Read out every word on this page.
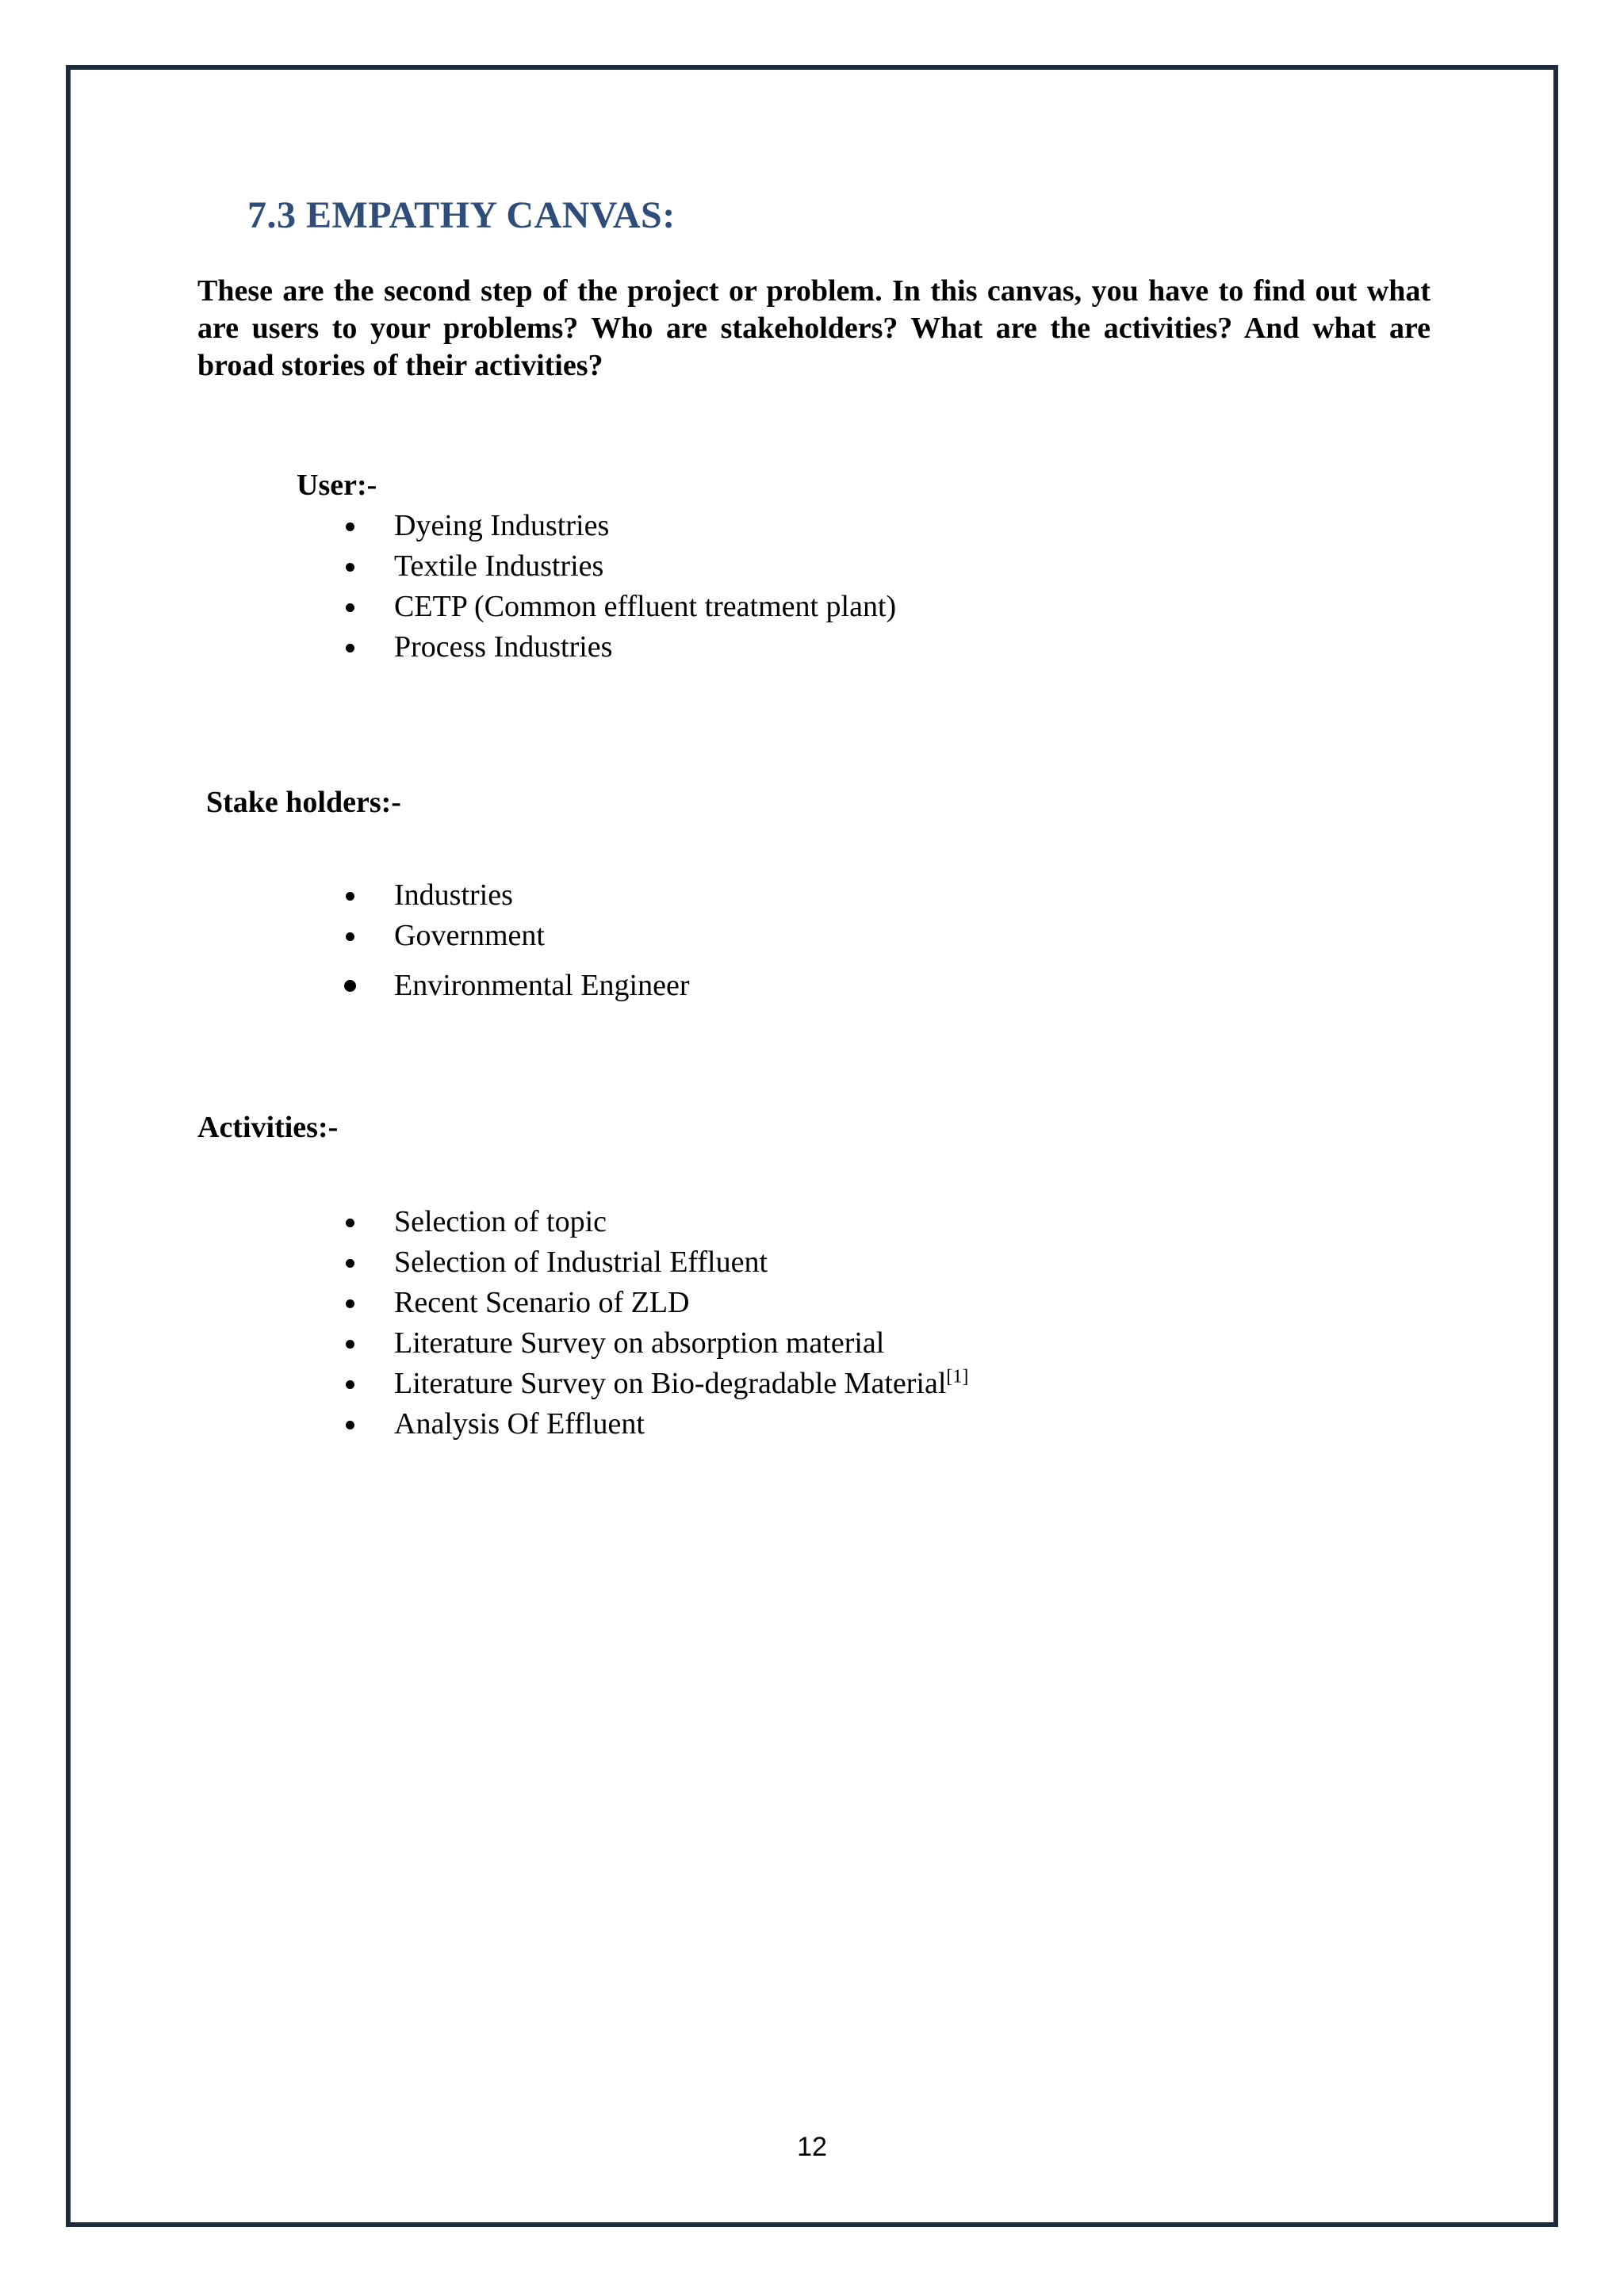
7.3 EMPATHY CANVAS:

These are the second step of the project or problem. In this canvas, you have to find out what are users to your problems? Who are stakeholders? What are the activities? And what are broad stories of their activities?

User:-

Dyeing Industries
Textile Industries
CETP (Common effluent treatment plant)
Process Industries

Stake holders:-

Industries
Government
Environmental Engineer

Activities:-

Selection of topic
Selection of Industrial Effluent
Recent Scenario of ZLD
Literature Survey on absorption material
Literature Survey on Bio-degradable Material[1]
Analysis Of Effluent
12
